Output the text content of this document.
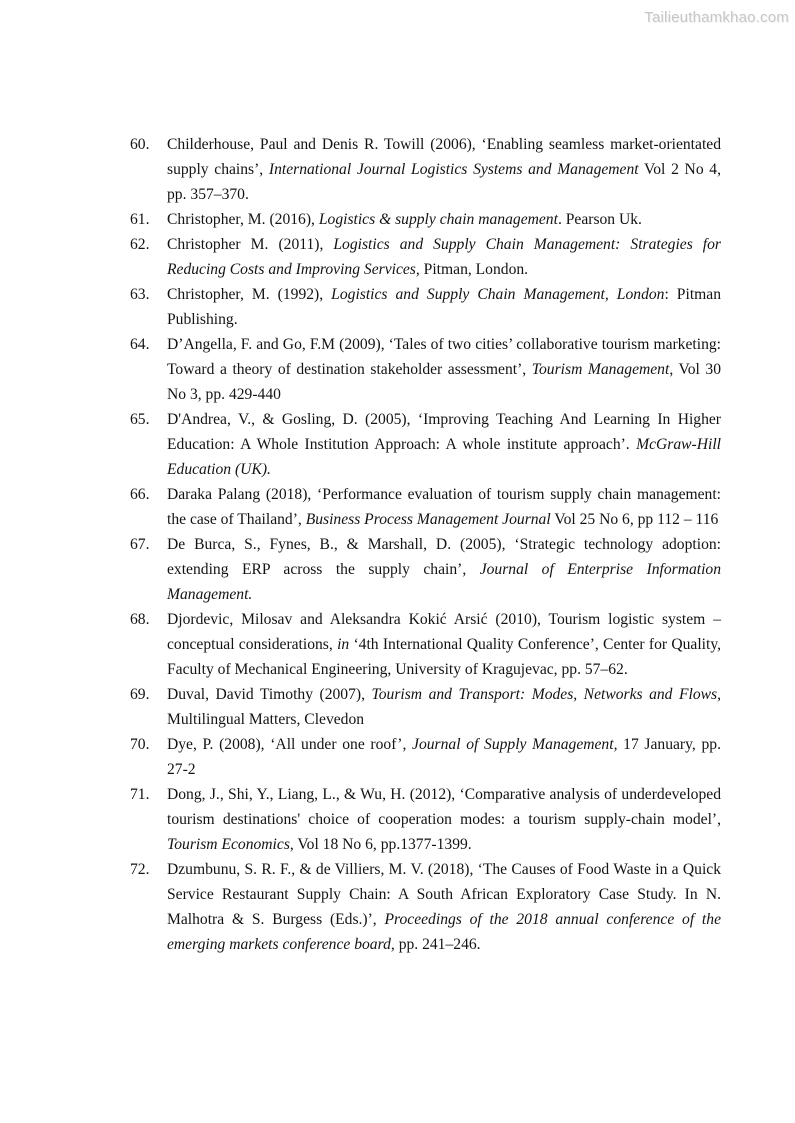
Tailieuthamkhao.com
60.	Childerhouse, Paul and Denis R. Towill (2006), ‘Enabling seamless market-orientated supply chains’, International Journal Logistics Systems and Management Vol 2 No 4, pp. 357–370.
61.	Christopher, M. (2016), Logistics & supply chain management. Pearson Uk.
62.	Christopher M. (2011), Logistics and Supply Chain Management: Strategies for Reducing Costs and Improving Services, Pitman, London.
63.	Christopher, M. (1992), Logistics and Supply Chain Management, London: Pitman Publishing.
64.	D’Angella, F. and Go, F.M (2009), ‘Tales of two cities’ collaborative tourism marketing: Toward a theory of destination stakeholder assessment’, Tourism Management, Vol 30 No 3, pp. 429-440
65.	D'Andrea, V., & Gosling, D. (2005), ‘Improving Teaching And Learning In Higher Education: A Whole Institution Approach: A whole institute approach’. McGraw-Hill Education (UK).
66.	Daraka Palang (2018), ‘Performance evaluation of tourism supply chain management: the case of Thailand’, Business Process Management Journal Vol 25 No 6, pp 112 – 116
67.	De Burca, S., Fynes, B., & Marshall, D. (2005), ‘Strategic technology adoption: extending ERP across the supply chain’, Journal of Enterprise Information Management.
68.	Djordevic, Milosav and Aleksandra Kokić Arsić (2010), Tourism logistic system – conceptual considerations, in ‘4th International Quality Conference’, Center for Quality, Faculty of Mechanical Engineering, University of Kragujevac, pp. 57–62.
69.	Duval, David Timothy (2007), Tourism and Transport: Modes, Networks and Flows, Multilingual Matters, Clevedon
70.	Dye, P. (2008), ‘All under one roof’, Journal of Supply Management, 17 January, pp. 27-2
71.	Dong, J., Shi, Y., Liang, L., & Wu, H. (2012), ‘Comparative analysis of underdeveloped tourism destinations' choice of cooperation modes: a tourism supply-chain model’, Tourism Economics, Vol 18 No 6, pp.1377-1399.
72.	Dzumbunu, S. R. F., & de Villiers, M. V. (2018), ‘The Causes of Food Waste in a Quick Service Restaurant Supply Chain: A South African Exploratory Case Study. In N. Malhotra & S. Burgess (Eds.)’, Proceedings of the 2018 annual conference of the emerging markets conference board, pp. 241–246.
